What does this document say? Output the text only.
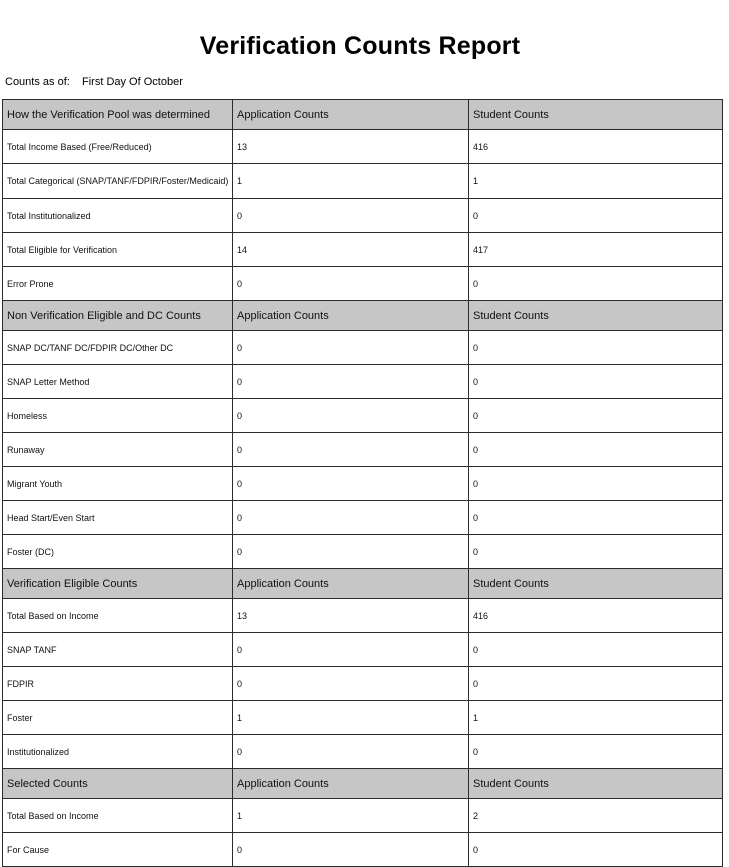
Verification Counts Report
Counts as of: First Day Of October
How the Verification Pool was determined	Application Counts	Student Counts
Total Income Based (Free/Reduced)	13	416

Total Categorical (SNAP/TANF/FDPIR/Foster/Medicaid)	1	1
Total Institutionalized	0	0
Total Eligible for Verification	14	417
Error Prone	0	0
Non Verification Eligible and DC Counts	Application Counts	Student Counts
SNAP DC/TANF DC/FDPIR DC/Other DC	0	0
SNAP Letter Method	0	0
Homeless	0	0
Runaway	0	0
Migrant Youth	0	0
Head Start/Even Start	0	0
Foster (DC)	0	0
Verification Eligible Counts	Application Counts	Student Counts
Total Based on Income	13	416
SNAP TANF	0	0
FDPIR	0	0
Foster	1	1
Institutionalized	0	0
Selected Counts	Application Counts	Student Counts
Total Based on Income	1	2
For Cause	0	0
